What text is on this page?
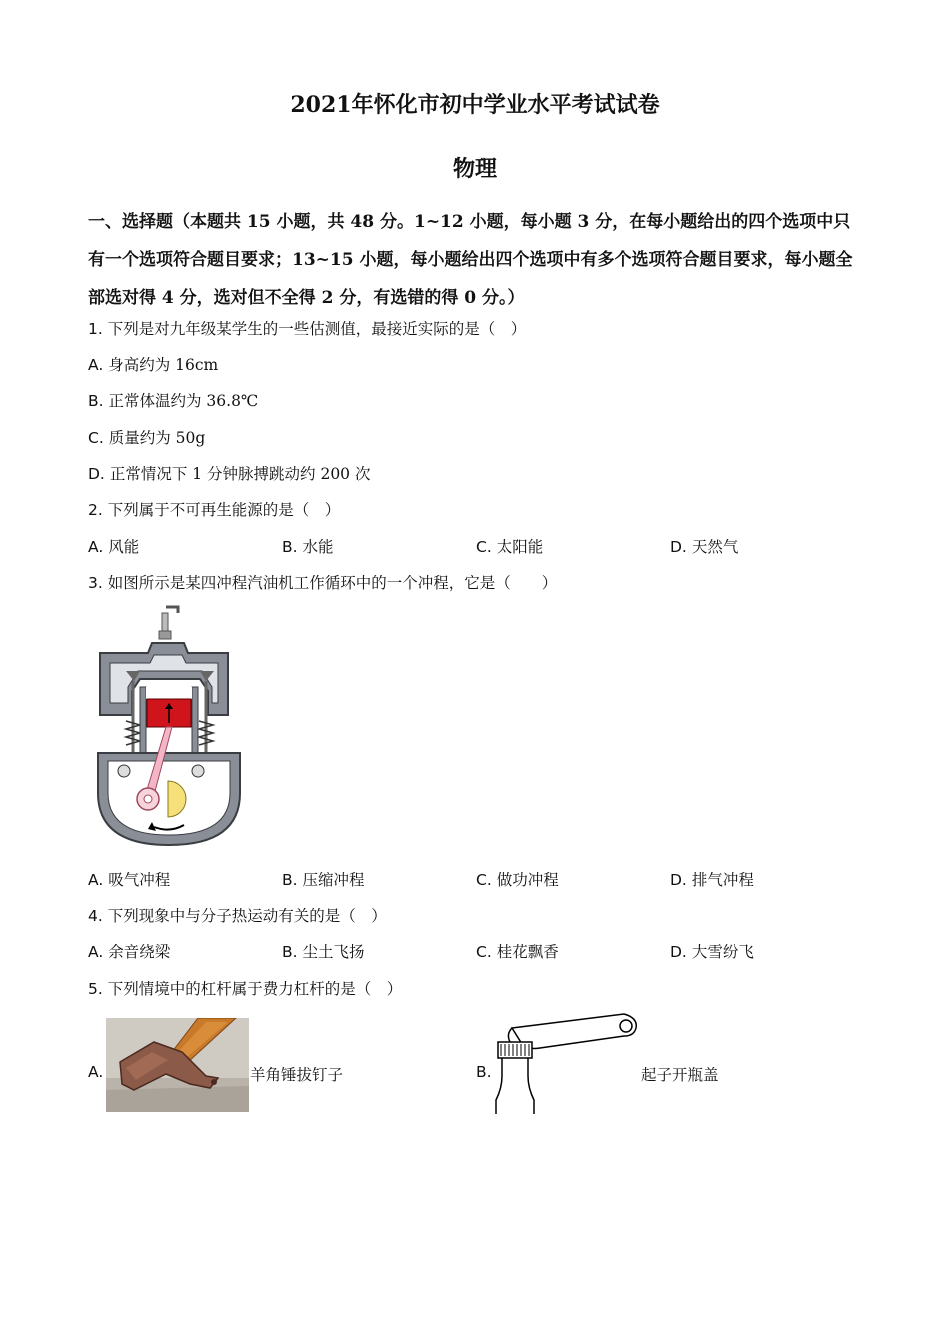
2021年怀化市初中学业水平考试试卷
物理
一、选择题（本题共 15 小题，共 48 分。1~12 小题，每小题 3 分，在每小题给出的四个选项中只有一个选项符合题目要求；13~15 小题，每小题给出四个选项中有多个选项符合题目要求，每小题全部选对得 4 分，选对但不全得 2 分，有选错的得 0 分。）
1. 下列是对九年级某学生的一些估测值，最接近实际的是（　）
A. 身高约为 16cm
B. 正常体温约为 36.8℃
C. 质量约为 50g
D. 正常情况下 1 分钟脉搏跳动约 200 次
2. 下列属于不可再生能源的是（　）
A. 风能	B. 水能	C. 太阳能	D. 天然气
3. 如图所示是某四冲程汽油机工作循环中的一个冲程，它是（　　）
A. 吸气冲程	B. 压缩冲程	C. 做功冲程	D. 排气冲程
4. 下列现象中与分子热运动有关的是（　）
A. 余音绕梁	B. 尘土飞扬	C. 桂花飘香	D. 大雪纷飞
5. 下列情境中的杠杆属于费力杠杆的是（　）
A.	羊角锤拔钉子	B.	起子开瓶盖
